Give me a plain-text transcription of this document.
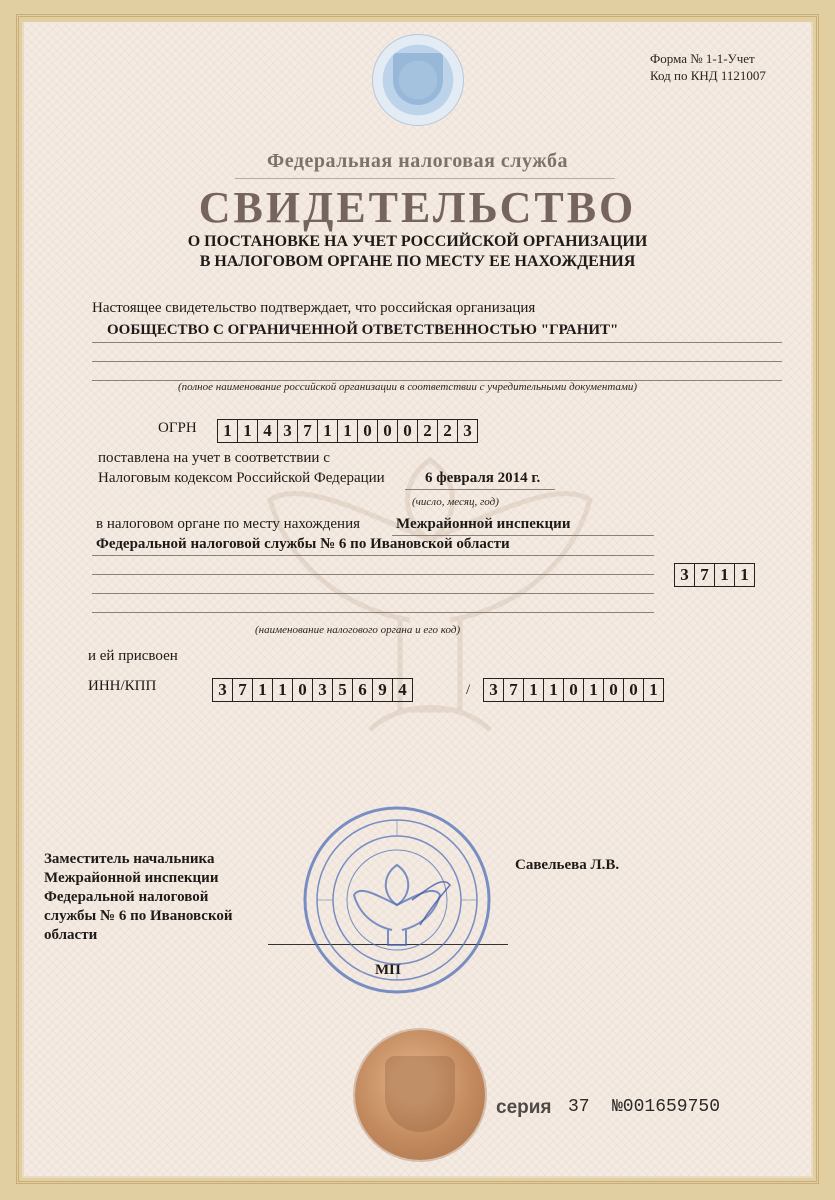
Форма № 1-1-Учет
Код по КНД 1121007
Федеральная налоговая служба
СВИДЕТЕЛЬСТВО
О ПОСТАНОВКЕ НА УЧЕТ РОССИЙСКОЙ ОРГАНИЗАЦИИ
В НАЛОГОВОМ ОРГАНЕ ПО МЕСТУ ЕЕ НАХОЖДЕНИЯ
Настоящее свидетельство подтверждает, что российская организация
ООБЩЕСТВО С ОГРАНИЧЕННОЙ ОТВЕТСТВЕННОСТЬЮ "ГРАНИТ"
(полное наименование российской организации в соответствии с учредительными документами)
ОГРН	1 1 4 3 7 1 1 0 0 0 2 2 3
поставлена на учет в соответствии с
Налоговым кодексом Российской Федерации	6 февраля 2014 г.
(число, месяц, год)
в налоговом органе по месту нахождения Межрайонной инспекции
Федеральной налоговой службы № 6 по Ивановской области
3 7 1 1
(наименование налогового органа и его код)
и ей присвоен
ИНН/КПП	3 7 1 1 0 3 5 6 9 4	/	3 7 1 1 0 1 0 0 1
Заместитель начальника
Межрайонной инспекции
Федеральной налоговой
службы № 6 по Ивановской
области
Савельева Л.В.
МП
серия 37 №001659750
